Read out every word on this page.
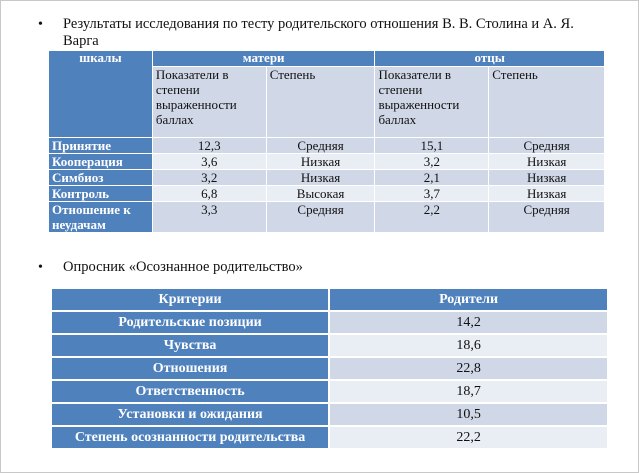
• Результаты исследования по тесту родительского отношения В. В. Столина и А. Я. Варга
шкалы	матери		отцы	
	Показатели в степени выраженности баллах	Степень	Показатели в степени выраженности баллах	Степень
Принятие	12,3	Средняя	15,1	Средняя
Кооперация	3,6	Низкая	3,2	Низкая
Симбиоз	3,2	Низкая	2,1	Низкая
Контроль	6,8	Высокая	3,7	Низкая
Отношение к неудачам	3,3	Средняя	2,2	Средняя
• Опросник «Осознанное родительство»
Критерии	Родители
Родительские позиции	14,2
Чувства	18,6
Отношения	22,8
Ответственность	18,7
Установки и ожидания	10,5
Степень осознанности родительства	22,2
